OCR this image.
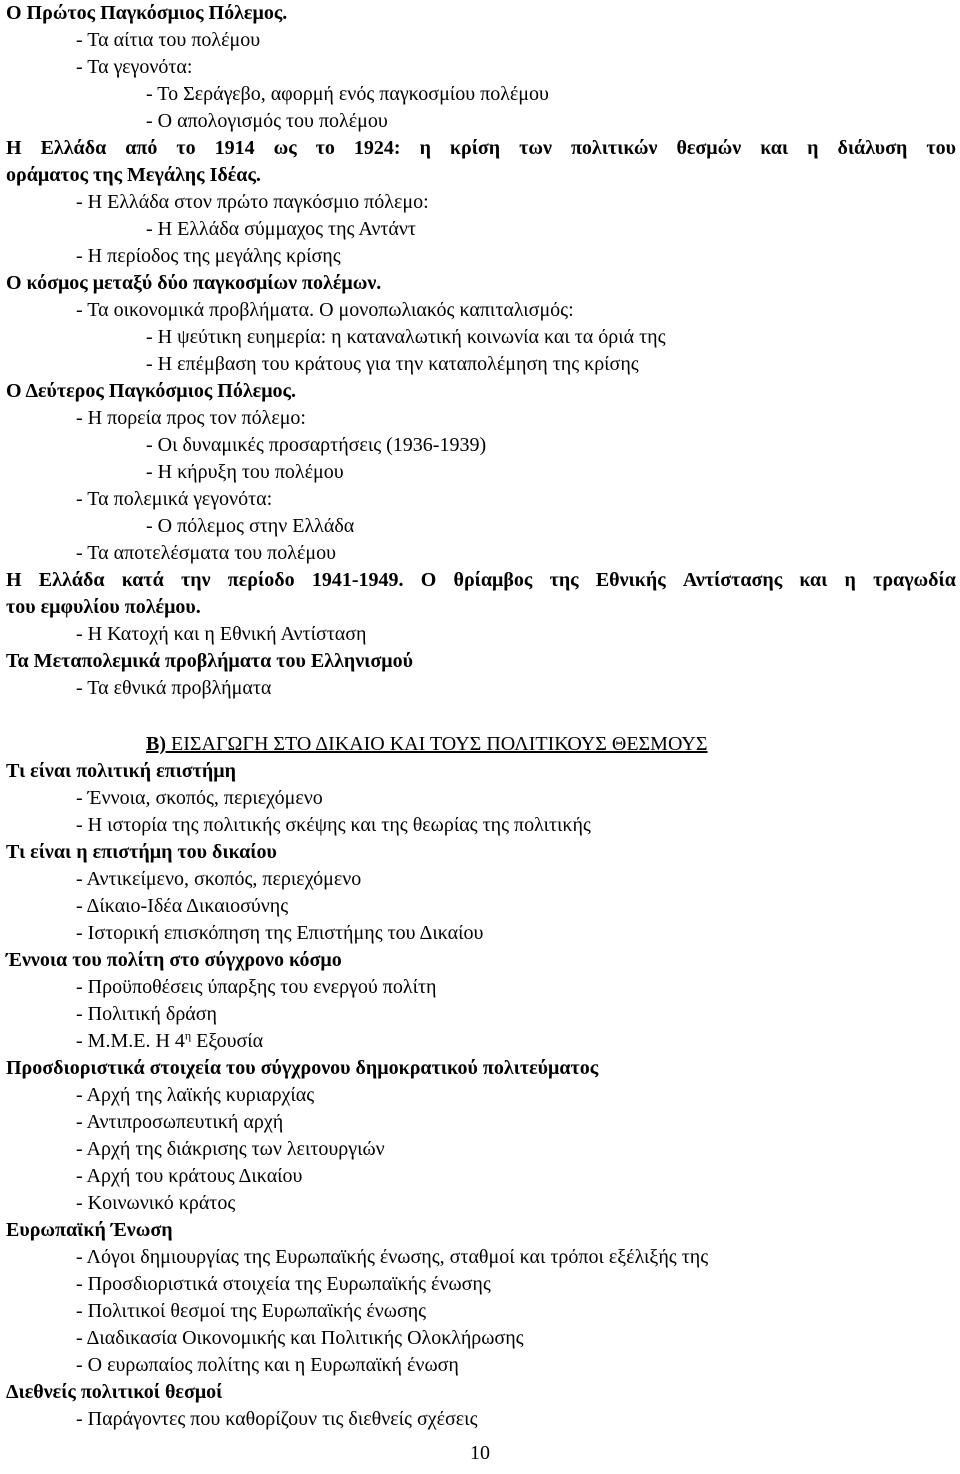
Ο Πρώτος Παγκόσμιος Πόλεμος.
- Τα αίτια του πολέμου
- Τα γεγονότα:
- Το Σεράγεβο, αφορμή ενός παγκοσμίου πολέμου
- Ο απολογισμός του πολέμου
Η Ελλάδα από το 1914 ως το 1924: η κρίση των πολιτικών θεσμών και η διάλυση του
οράματος της Μεγάλης Ιδέας.
- Η Ελλάδα στον πρώτο παγκόσμιο πόλεμο:
- Η Ελλάδα σύμμαχος της Αντάντ
- Η περίοδος της μεγάλης κρίσης
Ο κόσμος μεταξύ δύο παγκοσμίων πολέμων.
- Τα οικονομικά προβλήματα. Ο μονοπωλιακός καπιταλισμός:
- Η ψεύτικη ευημερία: η καταναλωτική κοινωνία και τα όριά της
- Η επέμβαση του κράτους για την καταπολέμηση της κρίσης
Ο Δεύτερος Παγκόσμιος Πόλεμος.
- Η πορεία προς τον πόλεμο:
- Οι δυναμικές προσαρτήσεις (1936-1939)
- Η κήρυξη του πολέμου
- Τα πολεμικά γεγονότα:
- Ο πόλεμος στην Ελλάδα
- Τα αποτελέσματα του πολέμου
Η Ελλάδα κατά την περίοδο 1941-1949. Ο θρίαμβος της Εθνικής Αντίστασης και η τραγωδία
του εμφυλίου πολέμου.
- Η Κατοχή και η Εθνική Αντίσταση
Τα Μεταπολεμικά προβλήματα του Ελληνισμού
- Τα εθνικά προβλήματα
Β) ΕΙΣΑΓΩΓΗ ΣΤΟ ΔΙΚΑΙΟ ΚΑΙ ΤΟΥΣ ΠΟΛΙΤΙΚΟΥΣ ΘΕΣΜΟΥΣ
Τι είναι πολιτική επιστήμη
- Έννοια, σκοπός, περιεχόμενο
- Η ιστορία της πολιτικής σκέψης και της θεωρίας της πολιτικής
Τι είναι η επιστήμη του δικαίου
- Αντικείμενο, σκοπός, περιεχόμενο
- Δίκαιο-Ιδέα Δικαιοσύνης
- Ιστορική επισκόπηση της Επιστήμης του Δικαίου
Έννοια του πολίτη στο σύγχρονο κόσμο
- Προϋποθέσεις ύπαρξης του ενεργού πολίτη
- Πολιτική δράση
- Μ.Μ.Ε. Η $4^\eta$ Εξουσία
Προσδιοριστικά στοιχεία του σύγχρονου δημοκρατικού πολιτεύματος
- Αρχή της λαϊκής κυριαρχίας
- Αντιπροσωπευτική αρχή
- Αρχή της διάκρισης των λειτουργιών
- Αρχή του κράτους Δικαίου
- Κοινωνικό κράτος
Ευρωπαϊκή Ένωση
- Λόγοι δημιουργίας της Ευρωπαϊκής ένωσης, σταθμοί και τρόποι εξέλιξής της
- Προσδιοριστικά στοιχεία της Ευρωπαϊκής ένωσης
- Πολιτικοί θεσμοί της Ευρωπαϊκής ένωσης
- Διαδικασία Οικονομικής και Πολιτικής Ολοκλήρωσης
- Ο ευρωπαίος πολίτης και η Ευρωπαϊκή ένωση
Διεθνείς πολιτικοί θεσμοί
- Παράγοντες που καθορίζουν τις διεθνείς σχέσεις
10
